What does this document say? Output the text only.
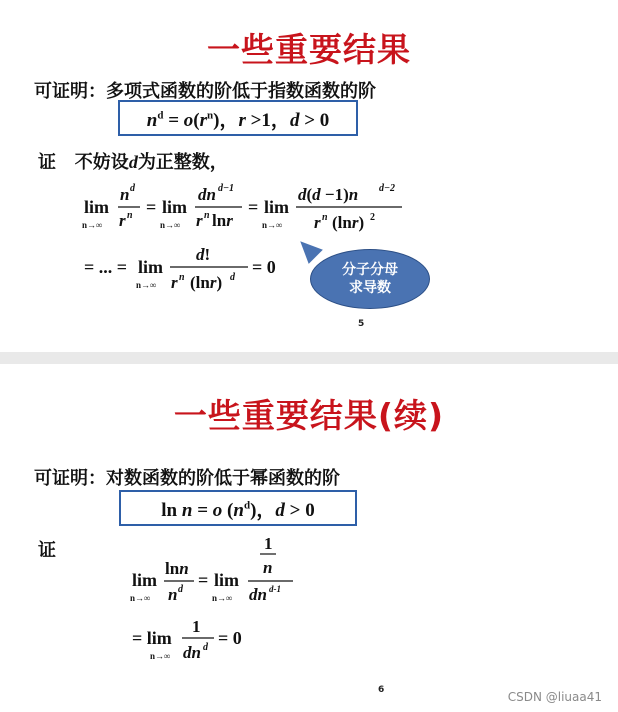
一些重要结果
可证明：多项式函数的阶低于指数函数的阶
$n^d = o(r^n)$，r >1，d > 0
证   不妨设d为正整数，
lim
n→∞
n d
r n = lim
n→∞
dn d−1
r n lnr
= lim
n→∞
d(d −1)n d−2
r n (lnr) 2
= ... = lim
n→∞
d!
r n (lnr) d
= 0	分子分母
求导数
5
一些重要结果(续)
可证明：对数函数的阶低于幂函数的阶
ln n = o $(n^d)$，d > 0
证
lim
n→∞
lnn
n d = lim
n→∞
1
n
dn d-1
= lim
n→∞
1
dn d = 0
6	CSDN @liuaa41
